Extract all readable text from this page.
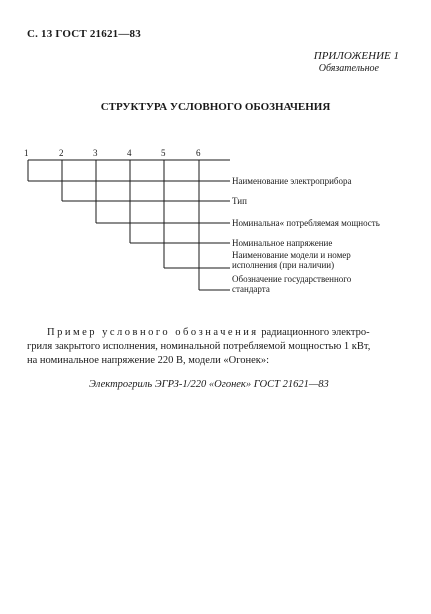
С. 13 ГОСТ 21621—83
ПРИЛОЖЕНИЕ 1
Обязательное
СТРУКТУРА УСЛОВНОГО ОБОЗНАЧЕНИЯ
1	2	3	4	5	6
Наименование электроприбора
Тип
Номинальна« потребляемая мощность
Номинальное напряжение
Наименование модели и номер
исполнения (при наличии)
Обозначение государственного
стандарта

Пример условного обозначения радиационного электро-

гриля закрытого исполнения, номинальной потребляемой мощностью 1 кВт,
на номинальное напряжение 220 В, модели «Огонек»:
Электрогриль ЭГРЗ-1/220 «Огонек» ГОСТ 21621—83
